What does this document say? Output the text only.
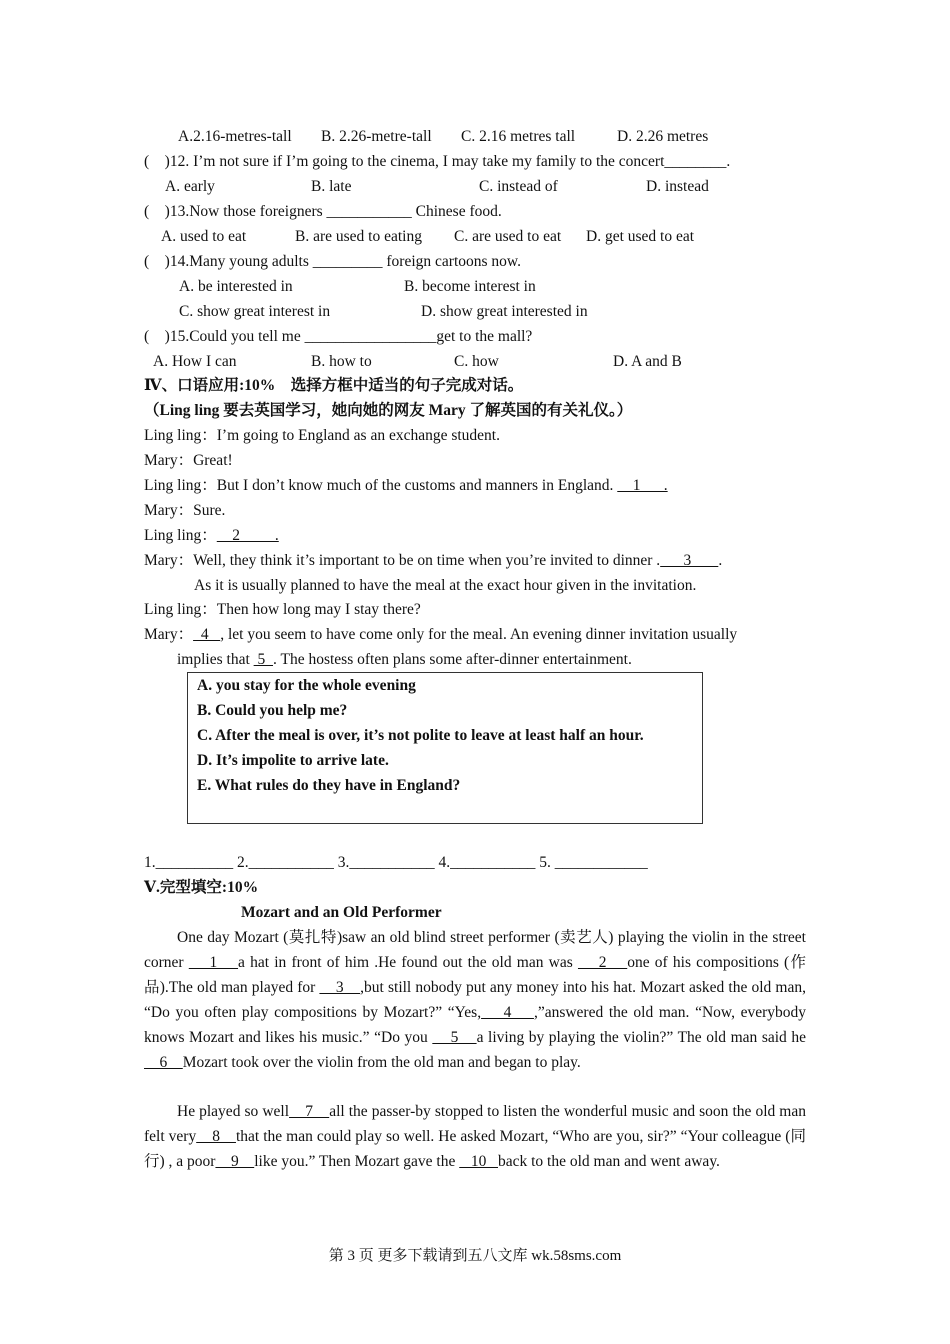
A.2.16-metres-tall B. 2.26-metre-tall C. 2.16 metres tall	D. 2.26 metres
(    )12. I’m not sure if I’m going to the cinema, I may take my family to the concert________.
A. early	B. late	C. instead of	D. instead
(    )13.Now those foreigners ___________ Chinese food.
A. used to eat	B. are used to eating C. are used to eat D. get used to eat
(    )14.Many young adults _________ foreign cartoons now.
A. be interested in	B. become interest in
C. show great interest in	D. show great interested in
(    )15.Could you tell me _________________get to the mall?
A. How I can	B. how to	C. how	D. A and B
Ⅳ、口语应用:10%    选择方框中适当的句子完成对话。
（Ling ling 要去英国学习，她向她的网友 Mary 了解英国的有关礼仪。）
Ling ling：I’m going to England as an exchange student.
Mary：Great!
Ling ling：But I don’t know much of the customs and manners in England.     1      .
Mary：Sure.
Ling ling：    2         .
Mary：Well, they think it’s important to be on time when you’re invited to dinner .      3       .
As it is usually planned to have the meal at the exact hour given in the invitation.
Ling ling：Then how long may I stay there?
Mary：  4   , let you seem to have come only for the meal. An evening dinner invitation usually
implies that  5  . The hostess often plans some after-dinner entertainment.
A. you stay for the whole evening
B. Could you help me?
C. After the meal is over, it’s not polite to leave at least half an hour.
D. It’s impolite to arrive late.
E. What rules do they have in England?
1.__________ 2.___________ 3.___________ 4.___________ 5. ____________
Ⅴ.完型填空:10%
Mozart and an Old Performer
One day Mozart (莫扎特)saw an old blind street performer (卖艺人) playing the violin in the street corner     1    a hat in front of him .He found out the old man was     2    one of his compositions (作品).The old man played for     3    ,but still nobody put any money into his hat. Mozart asked the old man, “Do you often play compositions by Mozart?” “Yes,    4    ,”answered the old man. “Now, everybody knows Mozart and likes his music.” “Do you     5    a living by playing the violin?” The old man said he     6    Mozart took over the violin from the old man and began to play.
He played so well    7    all the passer-by stopped to listen the wonderful music and soon the old man felt very    8    that the man could play so well. He asked Mozart, “Who are you, sir?” “Your colleague (同行) , a poor    9    like you.” Then Mozart gave the    10   back to the old man and went away.
第 3 页 更多下载请到五八文库 wk.58sms.com
